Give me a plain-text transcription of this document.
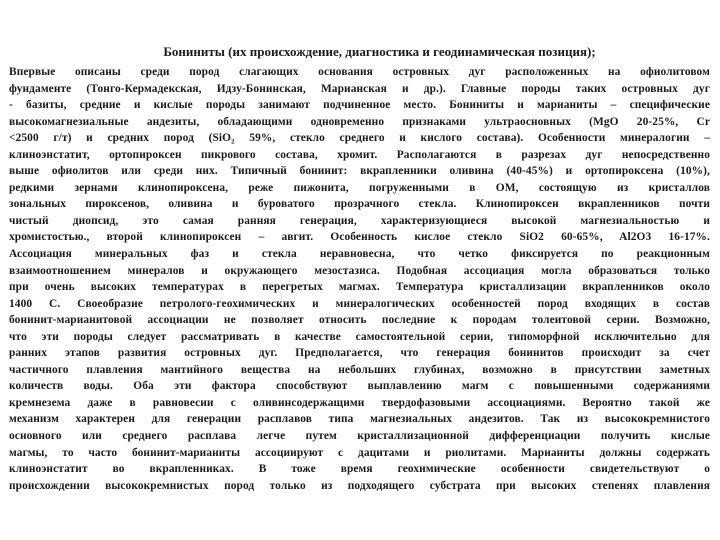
Бониниты (их происхождение, диагностика и геодинамическая позиция);
Впервые описаны среди пород слагающих основания островных дуг расположенных на офиолитовом
фундаменте (Тонго-Кермадекская, Идзу-Бонинская, Марианская и др.). Главные породы таких островных дуг
- базиты, средние и кислые породы занимают подчиненное место. Бониниты и марианиты – специфические
высокомагнезиальные андезиты, обладающими одновременно признаками ультраосновных (MgO 20-25%, Cr
<2500 г/т) и средних пород (SiO₂ 59%, стекло среднего и кислого состава). Особенности минералогии –
клиноэнстатит, ортопироксен пикрового состава, хромит. Располагаются в разрезах дуг непосредственно
выше офиолитов или среди них. Типичный бонинит: вкрапленники оливина (40-45%) и ортопироксена (10%),
редкими зернами клинопироксена, реже пижонита, погруженными в ОМ, состоящую из кристаллов
зональных пироксенов, оливина и буроватого прозрачного стекла. Клинопироксен вкрапленников почти
чистый диопсид, это самая ранняя генерация, характеризующиеся высокой магнезиальностью и
хромистостью., второй клинопироксен – авгит. Особенность кислое стекло SiO2 60-65%, Al2O3 16-17%.
Ассоциация минеральных фаз и стекла неравновесна, что четко фиксируется по реакционным
взаимоотношением минералов и окружающего мезостазиса. Подобная ассоциация могла образоваться только
при очень высоких температурах в перегретых магмах. Температура кристаллизации вкрапленников около
1400 С. Своеобразие петролого-геохимических и минералогических особенностей пород входящих в состав
бонинит-марианитовой ассоциации не позволяет относить последние к породам толеитовой серии. Возможно,
что эти породы следует рассматривать в качестве самостоятельной серии, типоморфной исключительно для
ранних этапов развития островных дуг. Предполагается, что генерация бонинитов происходит за счет
частичного плавления мантийного вещества на небольших глубинах, возможно в присутствии заметных
количеств воды. Оба эти фактора способствуют выплавлению магм с повышенными содержаниями
кремнезема даже в равновесии с оливинсодержащими твердофазовыми ассоциациями. Вероятно такой же
механизм характерен для генерации расплавов типа магнезиальных андезитов. Так из высококремнистого
основного или среднего расплава легче путем кристаллизационной дифференциации получить кислые
магмы, то часто бонинит-марианиты ассоциируют с дацитами и риолитами. Марианиты должны содержать
клиноэнстатит во вкрапленниках. В тоже время геохимические особенности свидетельствуют о
происхождении высококремнистых пород только из подходящего субстрата при высоких степенях плавления
